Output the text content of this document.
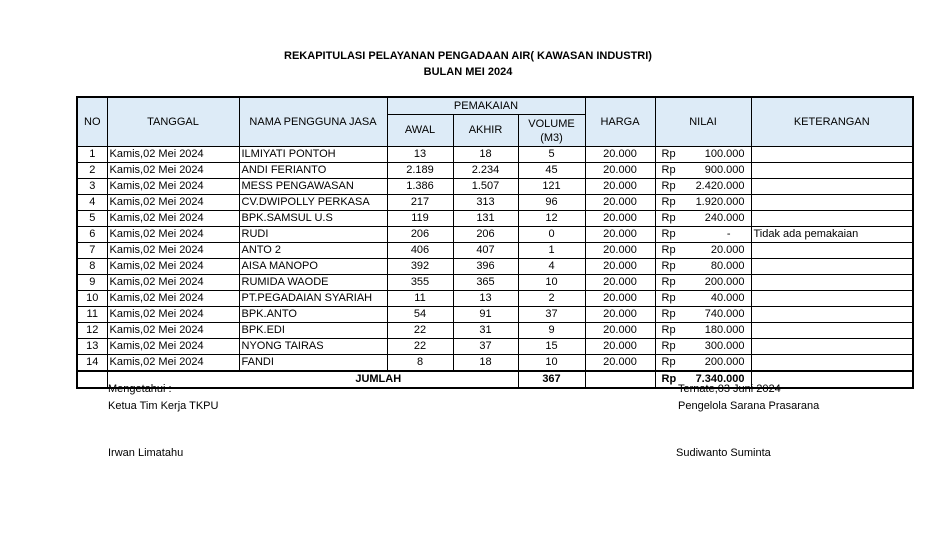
REKAPITULASI PELAYANAN PENGADAAN AIR( KAWASAN INDUSTRI)
BULAN MEI 2024
NO	TANGGAL	NAMA PENGGUNA JASA	PEMAKAIAN			HARGA	NILAI	KETERANGAN
			AWAL	AKHIR	VOLUME
(M3)			
1	Kamis,02 Mei 2024	ILMIYATI PONTOH	13	18	5	20.000	Rp 100.000	

2	Kamis,02 Mei 2024	ANDI FERIANTO	2.189	2.234	45	20.000	Rp 900.000	

3	Kamis,02 Mei 2024	MESS PENGAWASAN	1.386	1.507	121	20.000	Rp 2.420.000	

4	Kamis,02 Mei 2024	CV.DWIPOLLY PERKASA	217	313	96	20.000	Rp 1.920.000	

5	Kamis,02 Mei 2024	BPK.SAMSUL U.S	119	131	12	20.000	Rp 240.000	

6	Kamis,02 Mei 2024	RUDI	206	206	0	20.000	Rp -	Tidak ada pemakaian
7	Kamis,02 Mei 2024	ANTO 2	406	407	1	20.000	Rp 20.000	

8	Kamis,02 Mei 2024	AISA MANOPO	392	396	4	20.000	Rp 80.000	

9	Kamis,02 Mei 2024	RUMIDA WAODE	355	365	10	20.000	Rp 200.000	

10	Kamis,02 Mei 2024	PT.PEGADAIAN SYARIAH	11	13	2	20.000	Rp 40.000	

11	Kamis,02 Mei 2024	BPK.ANTO	54	91	37	20.000	Rp 740.000	

12	Kamis,02 Mei 2024	BPK.EDI	22	31	9	20.000	Rp 180.000	

13	Kamis,02 Mei 2024	NYONG TAIRAS	22	37	15	20.000	Rp 300.000	

14	Kamis,02 Mei 2024	FANDI	8	18	10	20.000	Rp 200.000	

		JUMLAH			367		Rp 7.340.000	

Mengetahui :
Ketua Tim Kerja TKPU
Irwan Limatahu
Ternate,03 Juni 2024
Pengelola Sarana Prasarana
Sudiwanto Suminta
